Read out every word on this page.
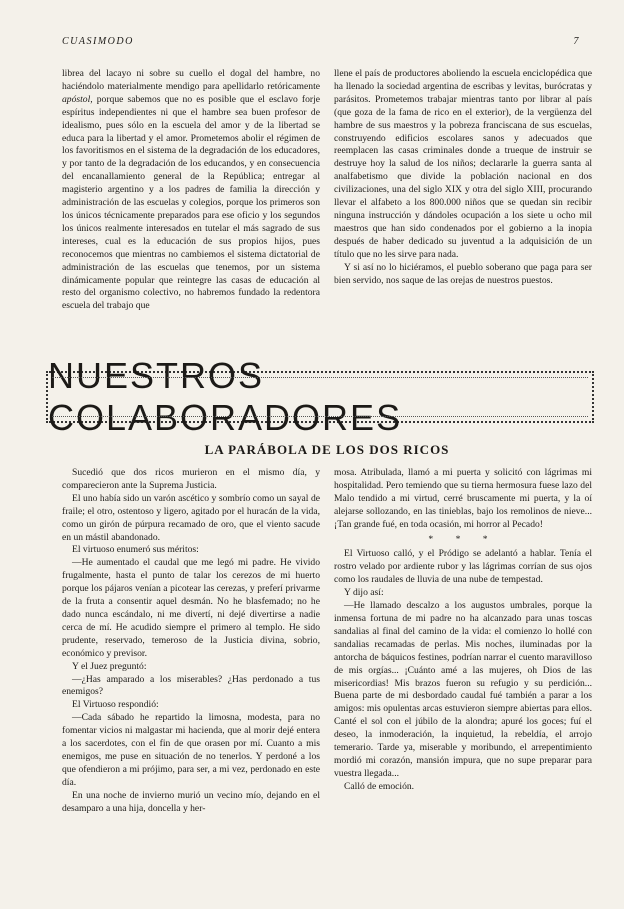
CUASIMODO	7

librea del lacayo ni sobre su cuello el dogal del hambre, no haciéndolo materialmente mendigo para apellidarlo retóricamente apóstol, porque sabemos que no es posible que el esclavo forje espíritus independientes ni que el hambre sea buen profesor de idealismo, pues sólo en la escuela del amor y de la libertad se educa para la libertad y el amor. Prometemos abolir el régimen de los favoritismos en el sistema de la degradación de los educadores, y por tanto de la degradación de los educandos, y en consecuencia del encanallamiento general de la República; entregar al magisterio argentino y a los padres de familia la dirección y administración de las escuelas y colegios, porque los primeros son los únicos técnicamente preparados para ese oficio y los segundos los únicos realmente interesados en tutelar el más sagrado de sus intereses, cual es la educación de sus propios hijos, pues reconocemos que mientras no cambiemos el sistema dictatorial de administración de las escuelas que tenemos, por un sistema dinámicamente popular que reintegre las casas de educación al resto del organismo colectivo, no habremos fundado la redentora escuela del trabajo que

llene el país de productores aboliendo la escuela enciclopédica que ha llenado la sociedad argentina de escribas y levitas, burócratas y parásitos. Prometemos trabajar mientras tanto por librar al país (que goza de la fama de rico en el exterior), de la vergüenza del hambre de sus maestros y la pobreza franciscana de sus escuelas, construyendo edificios escolares sanos y adecuados que reemplacen las casas criminales donde a trueque de instruir se destruye hoy la salud de los niños; declararle la guerra santa al analfabetismo que divide la población nacional en dos civilizaciones, una del siglo XIX y otra del siglo XIII, procurando llevar el alfabeto a los 800.000 niños que se quedan sin recibir ninguna instrucción y dándoles ocupación a los siete u ocho mil maestros que han sido condenados por el gobierno a la inopia después de haber dedicado su juventud a la adquisición de un título que no les sirve para nada.

Y si así no lo hiciéramos, el pueblo soberano que paga para ser bien servido, nos saque de las orejas de nuestros puestos.

NUESTROS COLABORADORES
LA PARÁBOLA DE LOS DOS RICOS

Sucedió que dos ricos murieron en el mismo día, y comparecieron ante la Suprema Justicia.

El uno había sido un varón ascético y sombrío como un sayal de fraile; el otro, ostentoso y ligero, agitado por el huracán de la vida, como un girón de púrpura recamado de oro, que el viento sacude en un mástil abandonado.

El virtuoso enumeró sus méritos:

—He aumentado el caudal que me legó mi padre. He vivido frugalmente, hasta el punto de talar los cerezos de mi huerto porque los pájaros venían a picotear las cerezas, y preferí privarme de la fruta a consentir aquel desmán. No he blasfemado; no he dado nunca escándalo, ni me divertí, ni dejé divertirse a nadie cerca de mí. He acudido siempre el primero al templo. He sido prudente, reservado, temeroso de la Justicia divina, sobrio, económico y previsor.

Y el Juez preguntó:

—¿Has amparado a los miserables? ¿Has perdonado a tus enemigos?

El Virtuoso respondió:

—Cada sábado he repartido la limosna, modesta, para no fomentar vicios ni malgastar mi hacienda, que al morir dejé entera a los sacerdotes, con el fin de que orasen por mí. Cuanto a mis enemigos, me puse en situación de no tenerlos. Y perdoné a los que ofendieron a mi prójimo, para ser, a mi vez, perdonado en este día.

En una noche de invierno murió un vecino mío, dejando en el desamparo a una hija, doncella y her-

mosa. Atribulada, llamó a mi puerta y solicitó con lágrimas mi hospitalidad. Pero temiendo que su tierna hermosura fuese lazo del Malo tendido a mi virtud, cerré bruscamente mi puerta, y la oí alejarse sollozando, en las tinieblas, bajo los remolinos de nieve... ¡Tan grande fué, en toda ocasión, mi horror al Pecado!

* * *

El Virtuoso calló, y el Pródigo se adelantó a hablar. Tenía el rostro velado por ardiente rubor y las lágrimas corrían de sus ojos como los raudales de lluvia de una nube de tempestad.

Y dijo así:

—He llamado descalzo a los augustos umbrales, porque la inmensa fortuna de mi padre no ha alcanzado para unas toscas sandalias al final del camino de la vida: el comienzo lo hollé con sandalias recamadas de perlas. Mis noches, iluminadas por la antorcha de báquicos festines, podrían narrar el cuento maravilloso de mis orgías... ¡Cuánto amé a las mujeres, oh Dios de las misericordias! Mis brazos fueron su refugio y su perdición... Buena parte de mi desbordado caudal fué también a parar a los amigos: mis opulentas arcas estuvieron siempre abiertas para ellos. Canté el sol con el júbilo de la alondra; apuré los goces; fuí el deseo, la inmoderación, la inquietud, la rebeldía, el arrojo temerario. Tarde ya, miserable y moribundo, el arrepentimiento mordió mi corazón, mansión impura, que no supe preparar para vuestra llegada...

Calló de emoción.
